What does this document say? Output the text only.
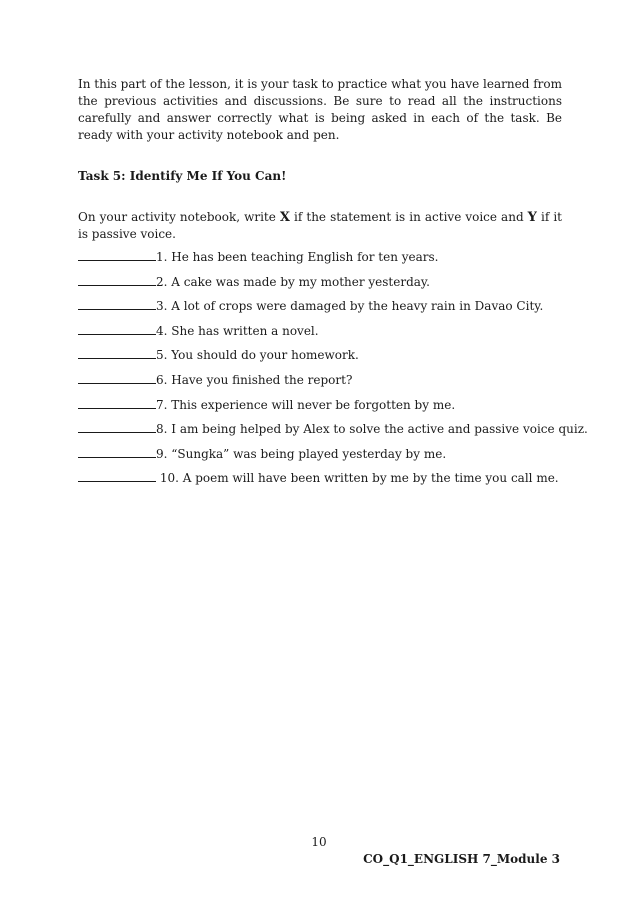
In this part of the lesson, it is your task to practice what you have learned from the previous activities and discussions. Be sure to read all the instructions carefully and answer correctly what is being asked in each of the task. Be ready with your activity notebook and pen.

Task 5: Identify Me If You Can!

On your activity notebook, write X if the statement is in active voice and Y if it is passive voice.

1. He has been teaching English for ten years.
2. A cake was made by my mother yesterday.
3. A lot of crops were damaged by the heavy rain in Davao City.
4. She has written a novel.
5. You should do your homework.
6. Have you finished the report?
7. This experience will never be forgotten by me.
8. I am being helped by Alex to solve the active and passive voice quiz.
9. “Sungka” was being played yesterday by me.
10. A poem will have been written by me by the time you call me.
10
CO_Q1_ENGLISH 7_Module 3
